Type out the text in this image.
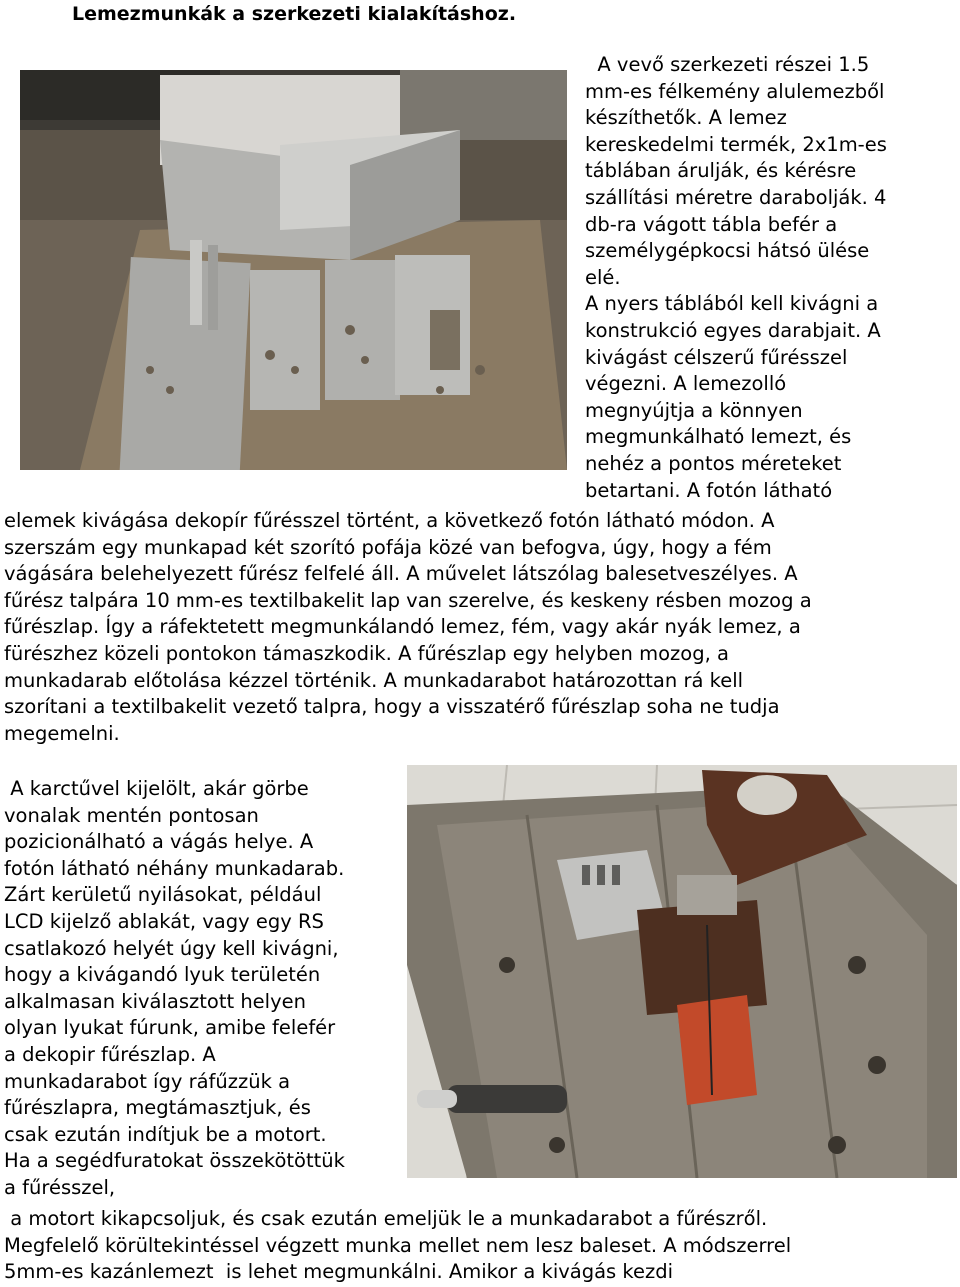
Lemezmunkák a szerkezeti kialakításhoz.
A vevő szerkezeti részei 1.5
mm-es félkemény alulemezből
készíthetők. A lemez
kereskedelmi termék, 2x1m-es
táblában árulják, és kérésre
szállítási méretre darabolják. 4
db-ra vágott tábla befér a
személygépkocsi hátsó ülése
elé.
A nyers táblából kell kivágni a
konstrukció egyes darabjait. A
kivágást célszerű fűrésszel
végezni. A lemezolló
megnyújtja a könnyen
megmunkálható lemezt, és
nehéz a pontos méreteket
betartani. A fotón látható
elemek kivágása dekopír fűrésszel történt, a következő fotón látható módon. A
szerszám egy munkapad két szorító pofája közé van befogva, úgy, hogy a fém
vágására belehelyezett fűrész felfelé áll. A művelet látszólag balesetveszélyes. A
fűrész talpára 10 mm-es textilbakelit lap van szerelve, és keskeny résben mozog a
fűrészlap. Így a ráfektetett megmunkálandó lemez, fém, vagy akár nyák lemez, a
fürészhez közeli pontokon támaszkodik. A fűrészlap egy helyben mozog, a
munkadarab előtolása kézzel történik. A munkadarabot határozottan rá kell
szorítani a textilbakelit vezető talpra, hogy a visszatérő fűrészlap soha ne tudja
megemelni.
A karctűvel kijelölt, akár görbe
vonalak mentén pontosan
pozicionálható a vágás helye. A
fotón látható néhány munkadarab.
Zárt kerületű nyilásokat, például
LCD kijelző ablakát, vagy egy RS
csatlakozó helyét úgy kell kivágni,
hogy a kivágandó lyuk területén
alkalmasan kiválasztott helyen
olyan lyukat fúrunk, amibe felefér
a dekopir fűrészlap. A
munkadarabot így ráfűzzük a
fűrészlapra, megtámasztjuk, és
csak ezután indítjuk be a motort.
Ha a segédfuratokat összekötöttük
a fűrésszel,
a motort kikapcsoljuk, és csak ezután emeljük le a munkadarabot a fűrészről.
Megfelelő körültekintéssel végzett munka mellet nem lesz baleset. A módszerrel
5mm-es kazánlemezt  is lehet megmunkálni. Amikor a kivágás kezdi
